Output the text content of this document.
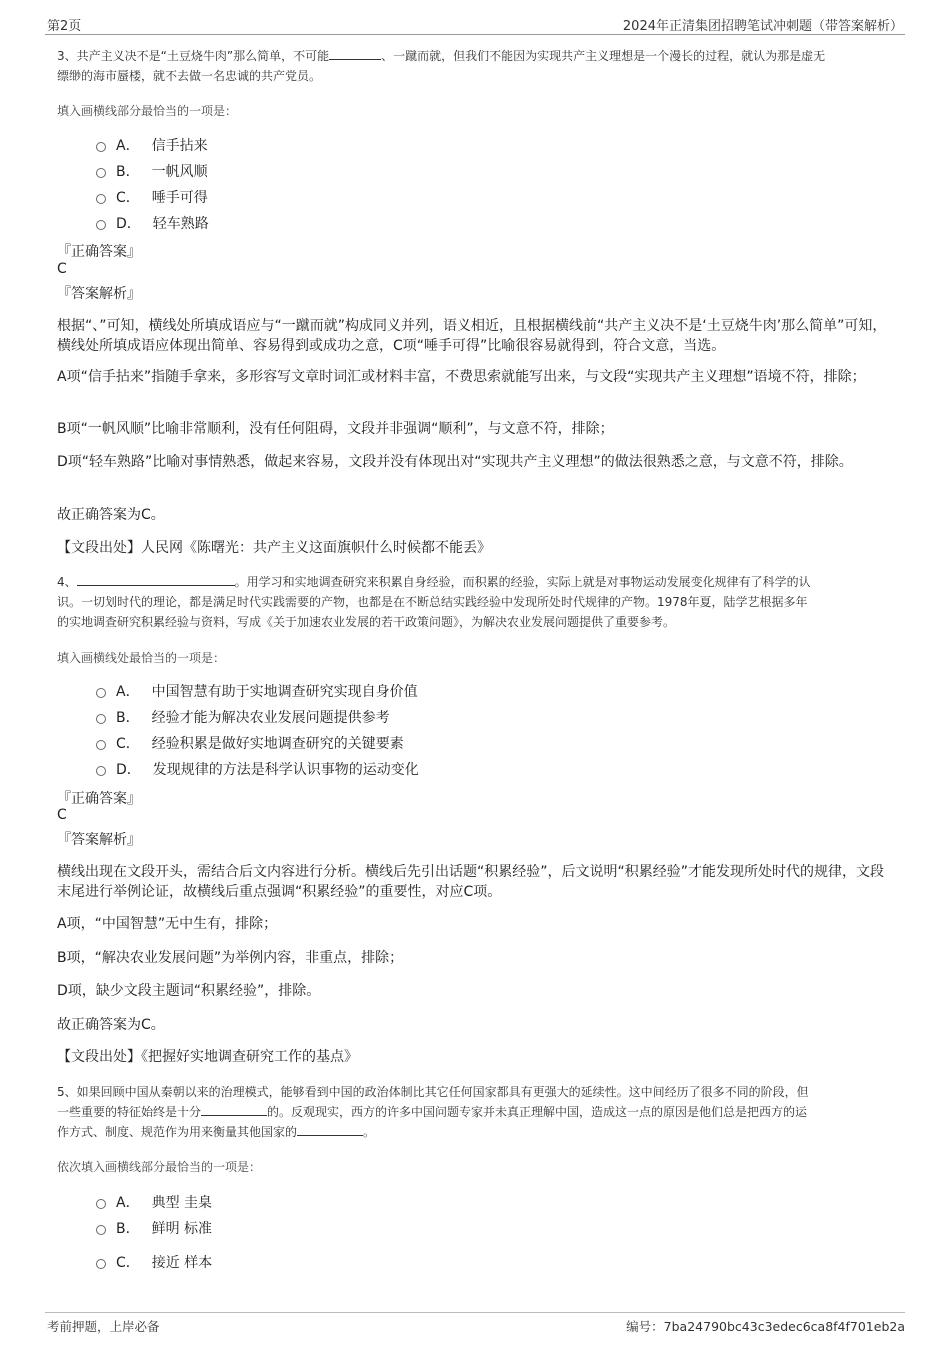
第2页	2024年正清集团招聘笔试冲刺题（带答案解析）
3、共产主义决不是“土豆烧牛肉”那么简单，不可能	、一蹴而就，但我们不能因为实现共产主义理想是一个漫长的过程，就认为那是虚无
缥缈的海市蜃楼，就不去做一名忠诚的共产党员。
填入画横线部分最恰当的一项是：
A． 信手拈来
B． 一帆风顺
C． 唾手可得
D． 轻车熟路
『正确答案』
C
『答案解析』
根据“、”可知，横线处所填成语应与“一蹴而就”构成同义并列，语义相近，且根据横线前“共产主义决不是‘土豆烧牛肉’那么简单”可知，横线处所填成语应体现出简单、容易得到或成功之意，C项“唾手可得”比喻很容易就得到，符合文意，当选。
A项“信手拈来”指随手拿来，多形容写文章时词汇或材料丰富，不费思索就能写出来，与文段“实现共产主义理想”语境不符，排除；
B项“一帆风顺”比喻非常顺利，没有任何阻碍，文段并非强调“顺利”，与文意不符，排除；
D项“轻车熟路”比喻对事情熟悉，做起来容易，文段并没有体现出对“实现共产主义理想”的做法很熟悉之意，与文意不符，排除。
故正确答案为C。
【文段出处】人民网《陈曙光：共产主义这面旗帜什么时候都不能丢》
4、	。用学习和实地调查研究来积累自身经验，而积累的经验，实际上就是对事物运动发展变化规律有了科学的认
识。一切划时代的理论，都是满足时代实践需要的产物，也都是在不断总结实践经验中发现所处时代规律的产物。1978年夏，陆学艺根据多年
的实地调查研究积累经验与资料，写成《关于加速农业发展的若干政策问题》，为解决农业发展问题提供了重要参考。
填入画横线处最恰当的一项是：
A． 中国智慧有助于实地调查研究实现自身价值
B． 经验才能为解决农业发展问题提供参考
C． 经验积累是做好实地调查研究的关键要素
D． 发现规律的方法是科学认识事物的运动变化
『正确答案』
C
『答案解析』
横线出现在文段开头，需结合后文内容进行分析。横线后先引出话题“积累经验”，后文说明“积累经验”才能发现所处时代的规律，文段末尾进行举例论证，故横线后重点强调“积累经验”的重要性，对应C项。
A项，“中国智慧”无中生有，排除；
B项，“解决农业发展问题”为举例内容，非重点，排除；
D项，缺少文段主题词“积累经验”，排除。
故正确答案为C。
【文段出处】《把握好实地调查研究工作的基点》
5、如果回顾中国从秦朝以来的治理模式，能够看到中国的政治体制比其它任何国家都具有更强大的延续性。这中间经历了很多不同的阶段，但
一些重要的特征始终是十分	的。反观现实，西方的许多中国问题专家并未真正理解中国，造成这一点的原因是他们总是把西方的运
作方式、制度、规范作为用来衡量其他国家的	。
依次填入画横线部分最恰当的一项是：
A． 典型 圭臬
B． 鲜明 标准
C． 接近 样本
考前押题，上岸必备	编号：7ba24790bc43c3edec6ca8f4f701eb2a
